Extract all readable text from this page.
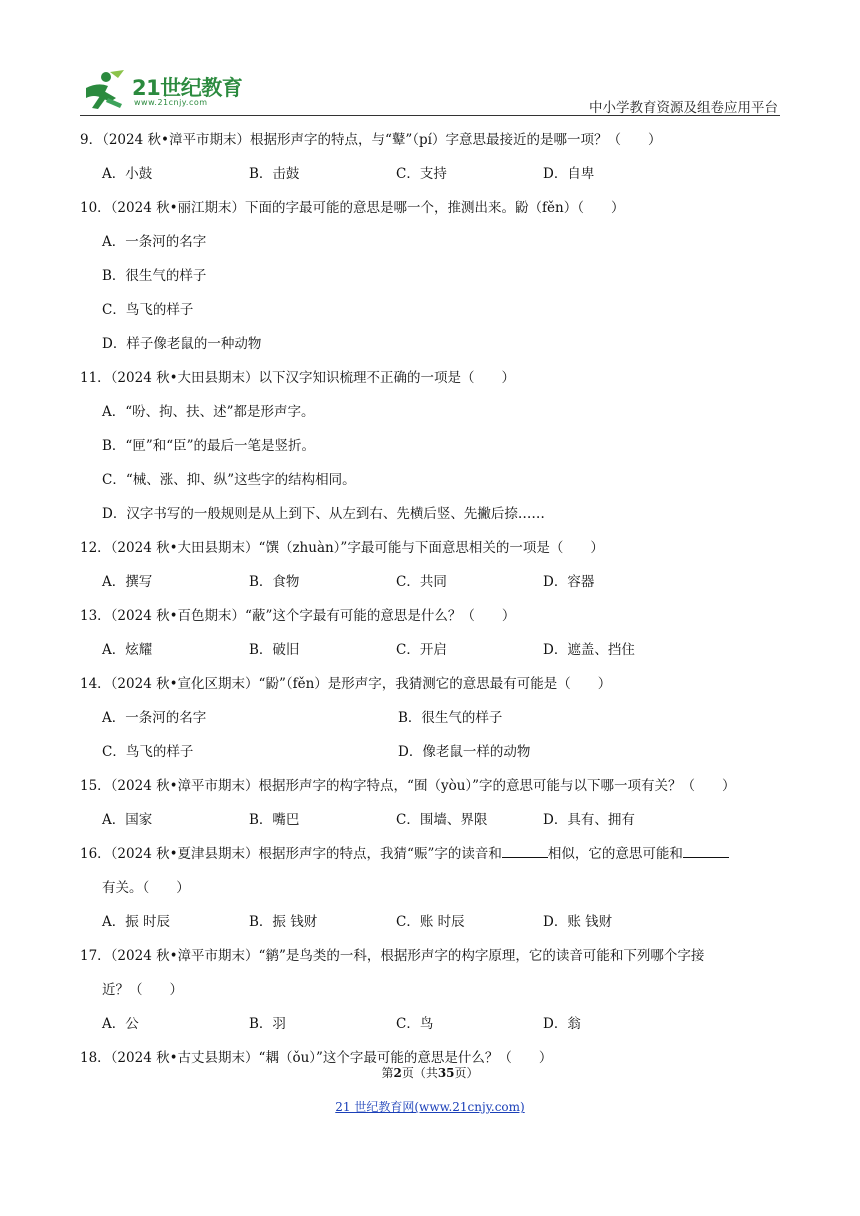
21世纪教育
www.21cnjy.com	中小学教育资源及组卷应用平台
9．（2024 秋•漳平市期末）根据形声字的特点，与“鼙”（pí）字意思最接近的是哪一项？（　　）
A．小鼓	B．击鼓	C．支持	D．自卑
10．（2024 秋•丽江期末）下面的字最可能的意思是哪一个，推测出来。鼢（fěn）（　　）
A．一条河的名字
B．很生气的样子
C．鸟飞的样子
D．样子像老鼠的一种动物
11．（2024 秋•大田县期末）以下汉字知识梳理不正确的一项是（　　）
A．“吩、拘、扶、述”都是形声字。
B．“匣”和“臣”的最后一笔是竖折。
C．“械、涨、抑、纵”这些字的结构相同。
D．汉字书写的一般规则是从上到下、从左到右、先横后竖、先撇后捺……
12．（2024 秋•大田县期末）“馔（zhuàn）”字最可能与下面意思相关的一项是（　　）
A．撰写	B．食物	C．共同	D．容器
13．（2024 秋•百色期末）“蔽”这个字最有可能的意思是什么？（　　）
A．炫耀	B．破旧	C．开启	D．遮盖、挡住
14．（2024 秋•宣化区期末）“鼢”（fěn）是形声字，我猜测它的意思最有可能是（　　）
A．一条河的名字	B．很生气的样子
C．鸟飞的样子	D．像老鼠一样的动物
15．（2024 秋•漳平市期末）根据形声字的构字特点，“囿（yòu）”字的意思可能与以下哪一项有关？（　　）
A．国家	B．嘴巴	C．围墙、界限	D．具有、拥有
16．（2024 秋•夏津县期末）根据形声字的特点，我猜“赈”字的读音和	相似，它的意思可能和
有关。（　　）
A．振 时辰	B．振 钱财	C．账 时辰	D．账 钱财
17．（2024 秋•漳平市期末）“鹟”是鸟类的一科，根据形声字的构字原理，它的读音可能和下列哪个字接
近？（　　）
A．公	B．羽	C．鸟	D．翁
18．（2024 秋•古丈县期末）“耦（ǒu）”这个字最可能的意思是什么？（　　）
第2页（共35页）
21 世纪教育网(www.21cnjy.com)
